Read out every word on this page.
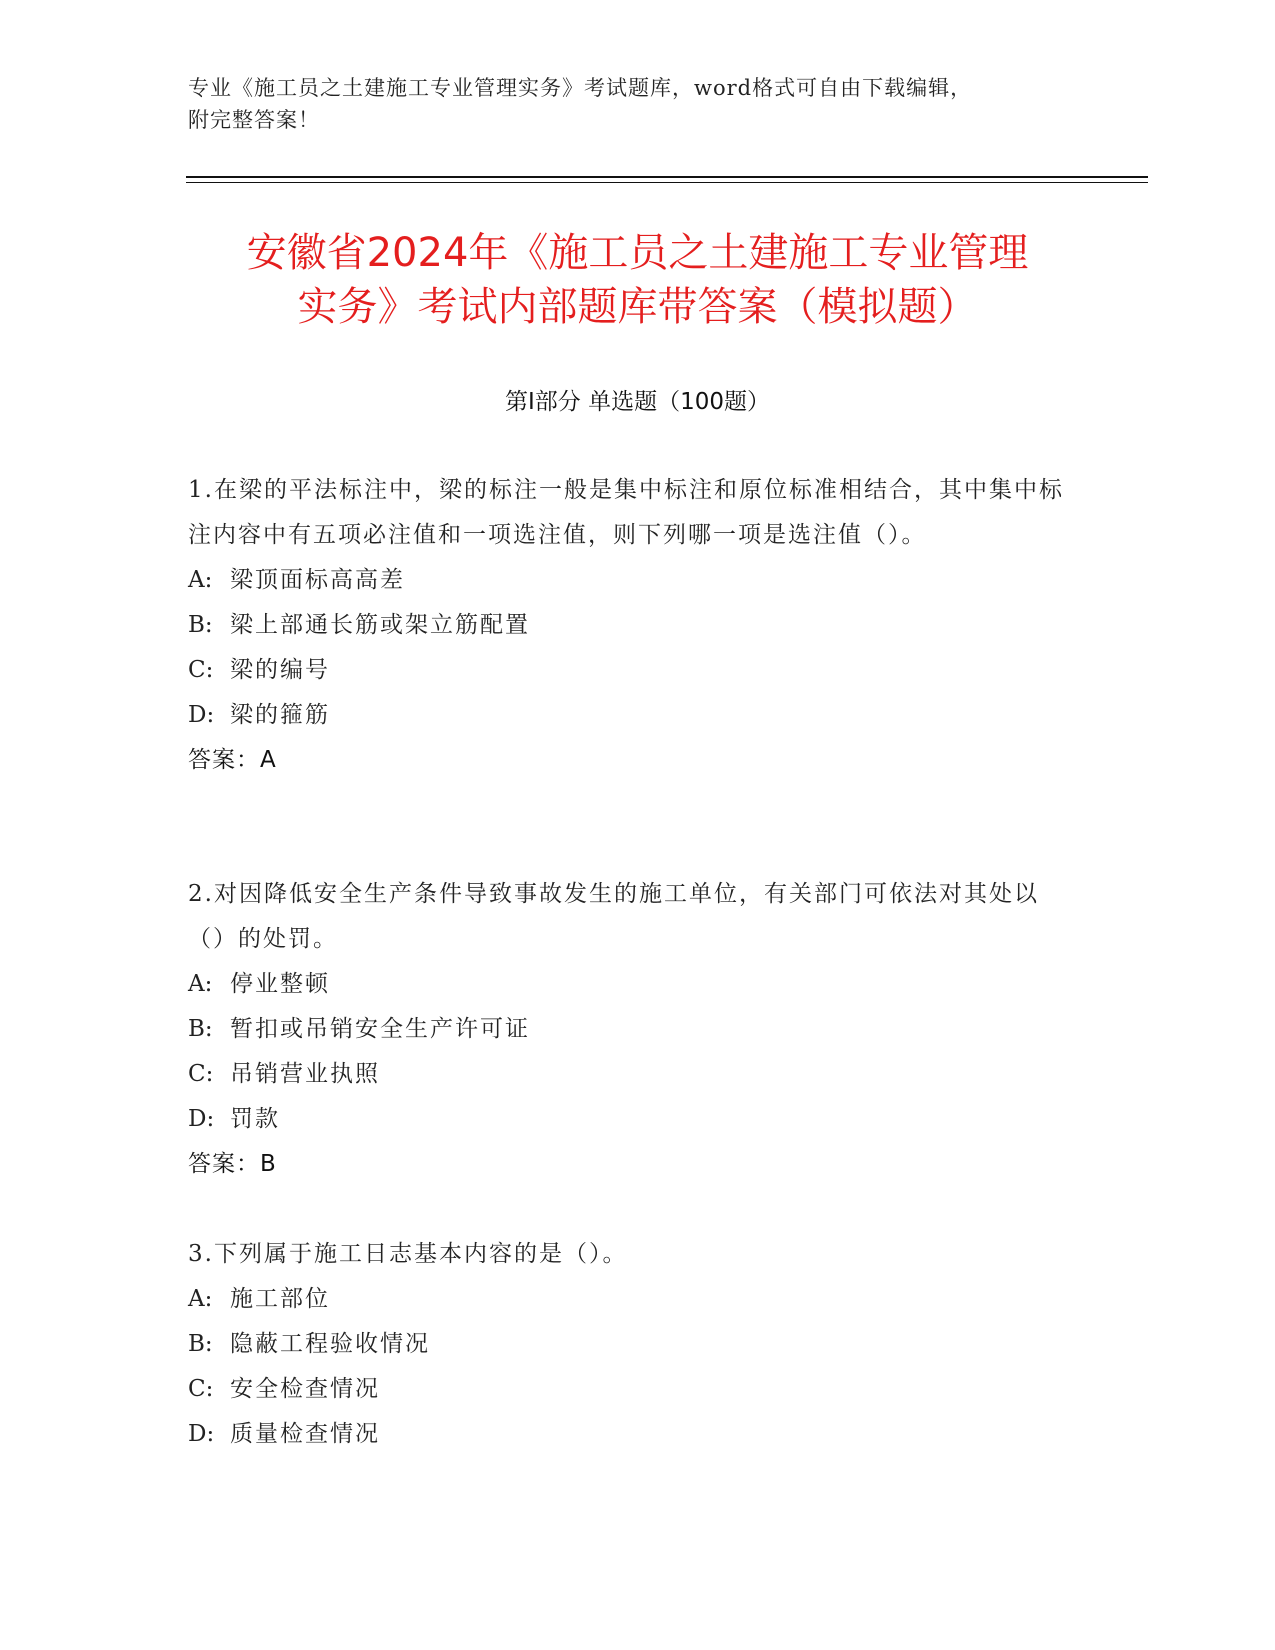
专业《施工员之土建施工专业管理实务》考试题库，word格式可自由下载编辑，
附完整答案！
安徽省2024年《施工员之土建施工专业管理
实务》考试内部题库带答案（模拟题）
第Ⅰ部分 单选题（100题）

1.在梁的平法标注中，梁的标注一般是集中标注和原位标准相结合，其中集中标注内容中有五项必注值和一项选注值，则下列哪一项是选注值（）。

A: 梁顶面标高高差

B: 梁上部通长筋或架立筋配置

C: 梁的编号

D: 梁的箍筋

答案：A

2.对因降低安全生产条件导致事故发生的施工单位，有关部门可依法对其处以（）的处罚。

A: 停业整顿

B: 暂扣或吊销安全生产许可证

C: 吊销营业执照

D: 罚款

答案：B

3.下列属于施工日志基本内容的是（）。

A: 施工部位

B: 隐蔽工程验收情况

C: 安全检查情况

D: 质量检查情况
